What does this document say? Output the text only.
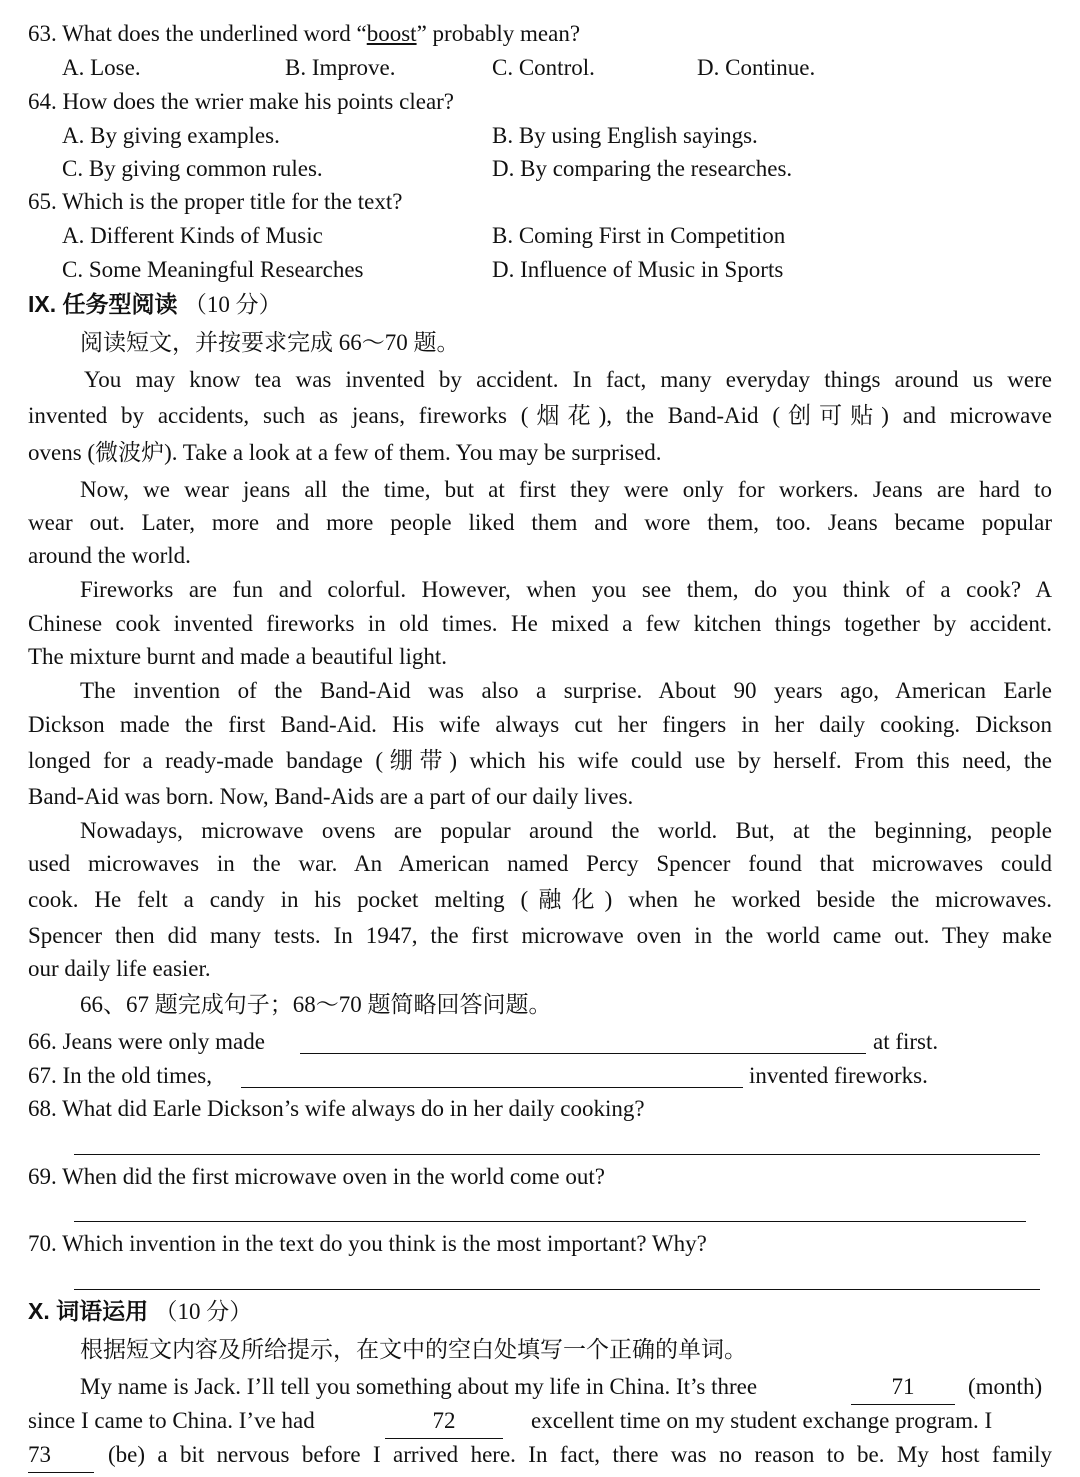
63. What does the underlined word “boost” probably mean?
A. Lose.	B. Improve.	C. Control.	D. Continue.
64. How does the wrier make his points clear?
A. By giving examples.	B. By using English sayings.
C. By giving common rules.	D. By comparing the researches.
65. Which is the proper title for the text?
A. Different Kinds of Music	B. Coming First in Competition
C. Some Meaningful Researches	D. Influence of Music in Sports
IX. 任务型阅读 （10 分）
阅读短文，并按要求完成 66～70 题。
You may know tea was invented by accident. In fact, many everyday things around us were
invented by accidents, such as jeans, fireworks (烟花), the Band-Aid (创可贴) and microwave
ovens (微波炉). Take a look at a few of them. You may be surprised.
Now, we wear jeans all the time, but at first they were only for workers. Jeans are hard to
wear out. Later, more and more people liked them and wore them, too. Jeans became popular
around the world.
Fireworks are fun and colorful. However, when you see them, do you think of a cook? A
Chinese cook invented fireworks in old times. He mixed a few kitchen things together by accident.
The mixture burnt and made a beautiful light.
The invention of the Band-Aid was also a surprise. About 90 years ago, American Earle
Dickson made the first Band-Aid. His wife always cut her fingers in her daily cooking. Dickson
longed for a ready-made bandage (绷带) which his wife could use by herself. From this need, the
Band-Aid was born. Now, Band-Aids are a part of our daily lives.
Nowadays, microwave ovens are popular around the world. But, at the beginning, people
used microwaves in the war. An American named Percy Spencer found that microwaves could
cook. He felt a candy in his pocket melting (融化) when he worked beside the microwaves.
Spencer then did many tests. In 1947, the first microwave oven in the world came out. They make
our daily life easier.
66、67 题完成句子；68～70 题简略回答问题。
66. Jeans were only made	at first.
67. In the old times,	invented fireworks.
68. What did Earle Dickson’s wife always do in her daily cooking?
69. When did the first microwave oven in the world come out?
70. Which invention in the text do you think is the most important? Why?
X. 词语运用 （10 分）
根据短文内容及所给提示，在文中的空白处填写一个正确的单词。
My name is Jack. I’ll tell you something about my life in China. It’s three	71	(month)
since I came to China. I’ve had	72	excellent time on my student exchange program. I
73	(be) a bit nervous before I arrived here. In fact, there was no reason to be. My host family
